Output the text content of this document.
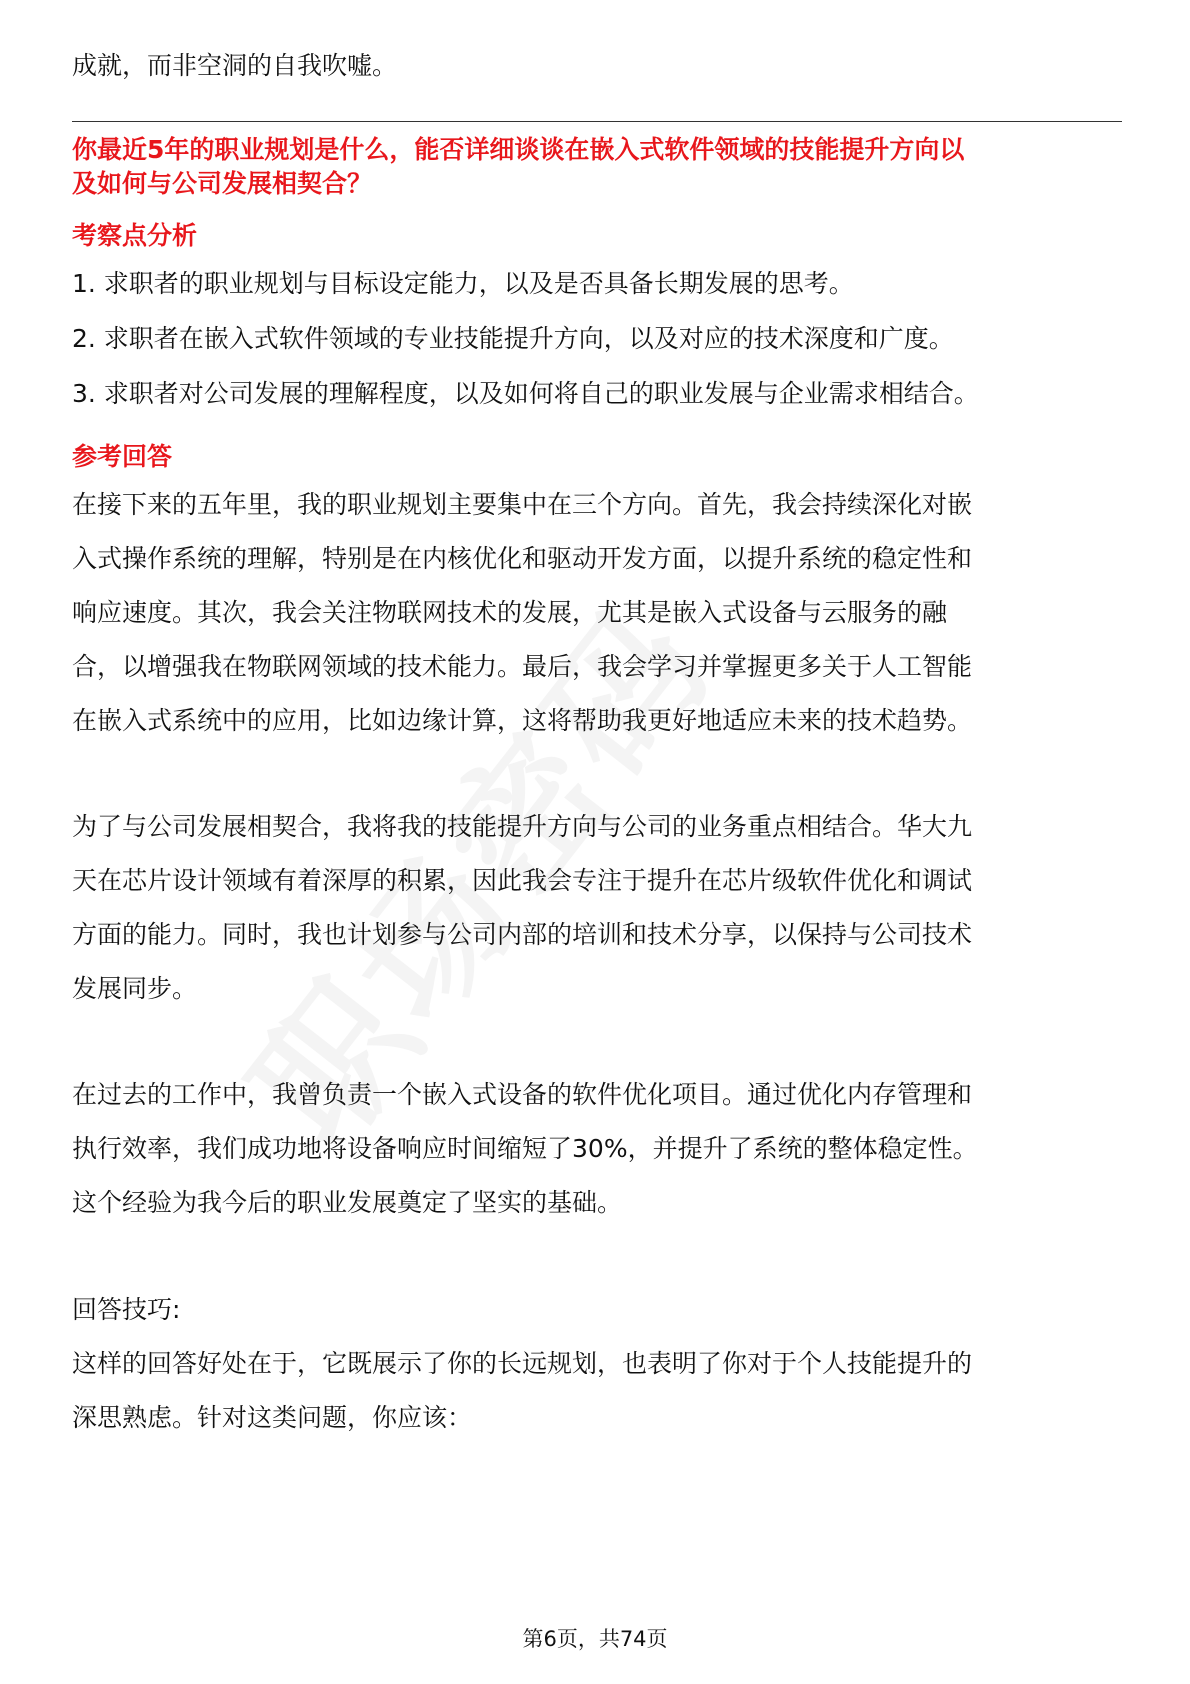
成就，而非空洞的自我吹嘘。
你最近5年的职业规划是什么，能否详细谈谈在嵌入式软件领域的技能提升方向以
及如何与公司发展相契合？
考察点分析
1. 求职者的职业规划与目标设定能力，以及是否具备长期发展的思考。
2. 求职者在嵌入式软件领域的专业技能提升方向，以及对应的技术深度和广度。
3. 求职者对公司发展的理解程度，以及如何将自己的职业发展与企业需求相结合。
参考回答
在接下来的五年里，我的职业规划主要集中在三个方向。首先，我会持续深化对嵌
入式操作系统的理解，特别是在内核优化和驱动开发方面，以提升系统的稳定性和
响应速度。其次，我会关注物联网技术的发展，尤其是嵌入式设备与云服务的融
合，以增强我在物联网领域的技术能力。最后，我会学习并掌握更多关于人工智能
在嵌入式系统中的应用，比如边缘计算，这将帮助我更好地适应未来的技术趋势。
为了与公司发展相契合，我将我的技能提升方向与公司的业务重点相结合。华大九
天在芯片设计领域有着深厚的积累，因此我会专注于提升在芯片级软件优化和调试
方面的能力。同时，我也计划参与公司内部的培训和技术分享，以保持与公司技术
发展同步。
在过去的工作中，我曾负责一个嵌入式设备的软件优化项目。通过优化内存管理和
执行效率，我们成功地将设备响应时间缩短了30%，并提升了系统的整体稳定性。
这个经验为我今后的职业发展奠定了坚实的基础。
回答技巧:
这样的回答好处在于，它既展示了你的长远规划，也表明了你对于个人技能提升的
深思熟虑。针对这类问题，你应该：
第6页，共74页
